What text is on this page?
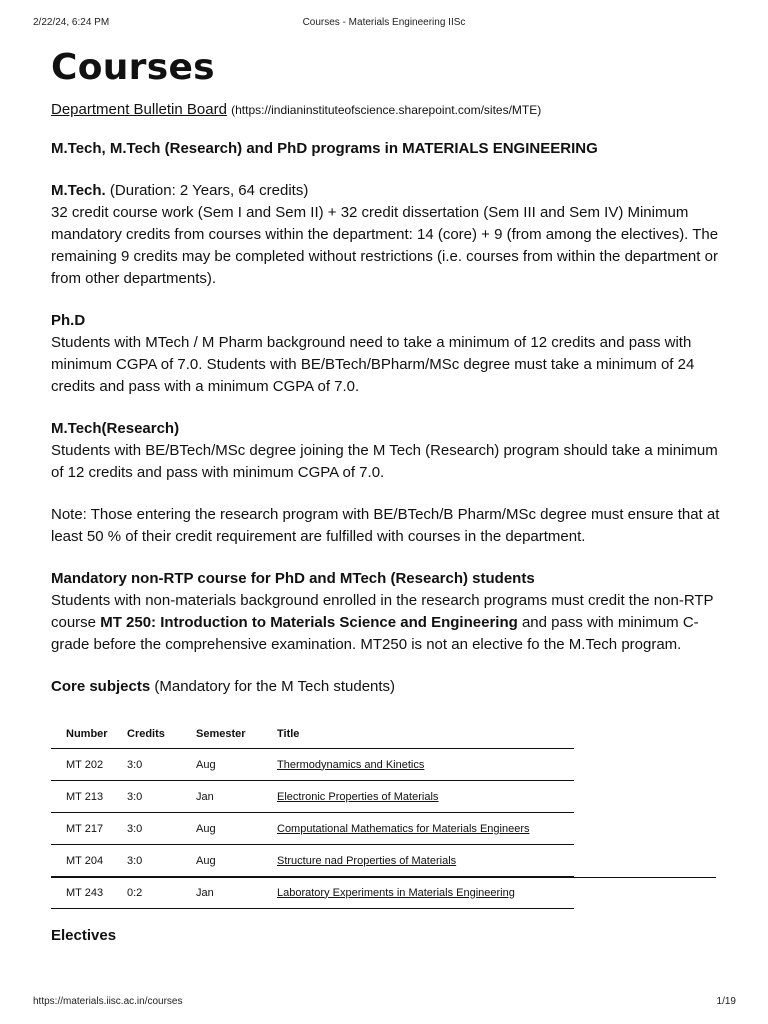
2/22/24, 6:24 PM	Courses - Materials Engineering IISc
Courses
Department Bulletin Board (https://indianinstituteofscience.sharepoint.com/sites/MTE)
M.Tech, M.Tech (Research) and PhD programs in MATERIALS ENGINEERING

M.Tech. (Duration: 2 Years, 64 credits)

32 credit course work (Sem I and Sem II) + 32 credit dissertation (Sem III and Sem IV) Minimum mandatory credits from courses within the department: 14 (core) + 9 (from among the electives). The remaining 9 credits may be completed without restrictions (i.e. courses from within the department or from other departments).

Ph.D

Students with MTech / M Pharm background need to take a minimum of 12 credits and pass with minimum CGPA of 7.0. Students with BE/BTech/BPharm/MSc degree must take a minimum of 24 credits and pass with a minimum CGPA of 7.0.

M.Tech(Research)

Students with BE/BTech/MSc degree joining the M Tech (Research) program should take a minimum of 12 credits and pass with minimum CGPA of 7.0.

Note: Those entering the research program with BE/BTech/B Pharm/MSc degree must ensure that at least 50 % of their credit requirement are fulfilled with courses in the department.

Mandatory non-RTP course for PhD and MTech (Research) students

Students with non-materials background enrolled in the research programs must credit the non-RTP course MT 250: Introduction to Materials Science and Engineering and pass with minimum C-grade before the comprehensive examination. MT250 is not an elective fo the M.Tech program.

Core subjects (Mandatory for the M Tech students)

Number	Credits	Semester	Title
MT 202	3:0	Aug	Thermodynamics and Kinetics
MT 213	3:0	Jan	Electronic Properties of Materials
MT 217	3:0	Aug	Computational Mathematics for Materials Engineers
MT 204	3:0	Aug	Structure nad Properties of Materials
MT 243	0:2	Jan	Laboratory Experiments in Materials Engineering
Electives
https://materials.iisc.ac.in/courses	1/19
